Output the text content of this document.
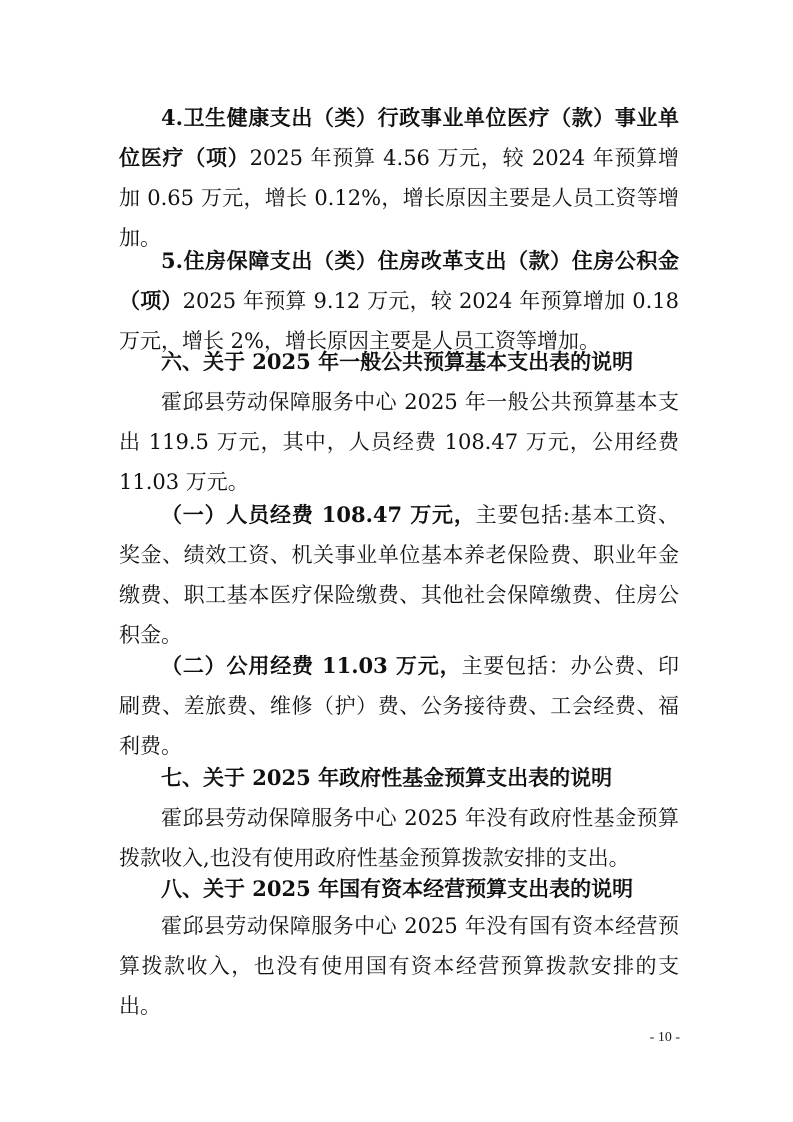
4.卫生健康支出（类）行政事业单位医疗（款）事业单位医疗（项）2025 年预算 4.56 万元，较 2024 年预算增加 0.65 万元，增长 0.12%，增长原因主要是人员工资等增加。

5.住房保障支出（类）住房改革支出（款）住房公积金（项）2025 年预算 9.12 万元，较 2024 年预算增加 0.18 万元，增长 2%，增长原因主要是人员工资等增加。

六、关于 2025 年一般公共预算基本支出表的说明

霍邱县劳动保障服务中心 2025 年一般公共预算基本支出 119.5 万元，其中，人员经费 108.47 万元，公用经费 11.03 万元。

（一）人员经费 108.47 万元，主要包括:基本工资、奖金、绩效工资、机关事业单位基本养老保险费、职业年金缴费、职工基本医疗保险缴费、其他社会保障缴费、住房公积金。

（二）公用经费 11.03 万元，主要包括：办公费、印刷费、差旅费、维修（护）费、公务接待费、工会经费、福利费。

七、关于 2025 年政府性基金预算支出表的说明

霍邱县劳动保障服务中心 2025 年没有政府性基金预算拨款收入,也没有使用政府性基金预算拨款安排的支出。

八、关于 2025 年国有资本经营预算支出表的说明

霍邱县劳动保障服务中心 2025 年没有国有资本经营预算拨款收入，也没有使用国有资本经营预算拨款安排的支出。

- 10 -
